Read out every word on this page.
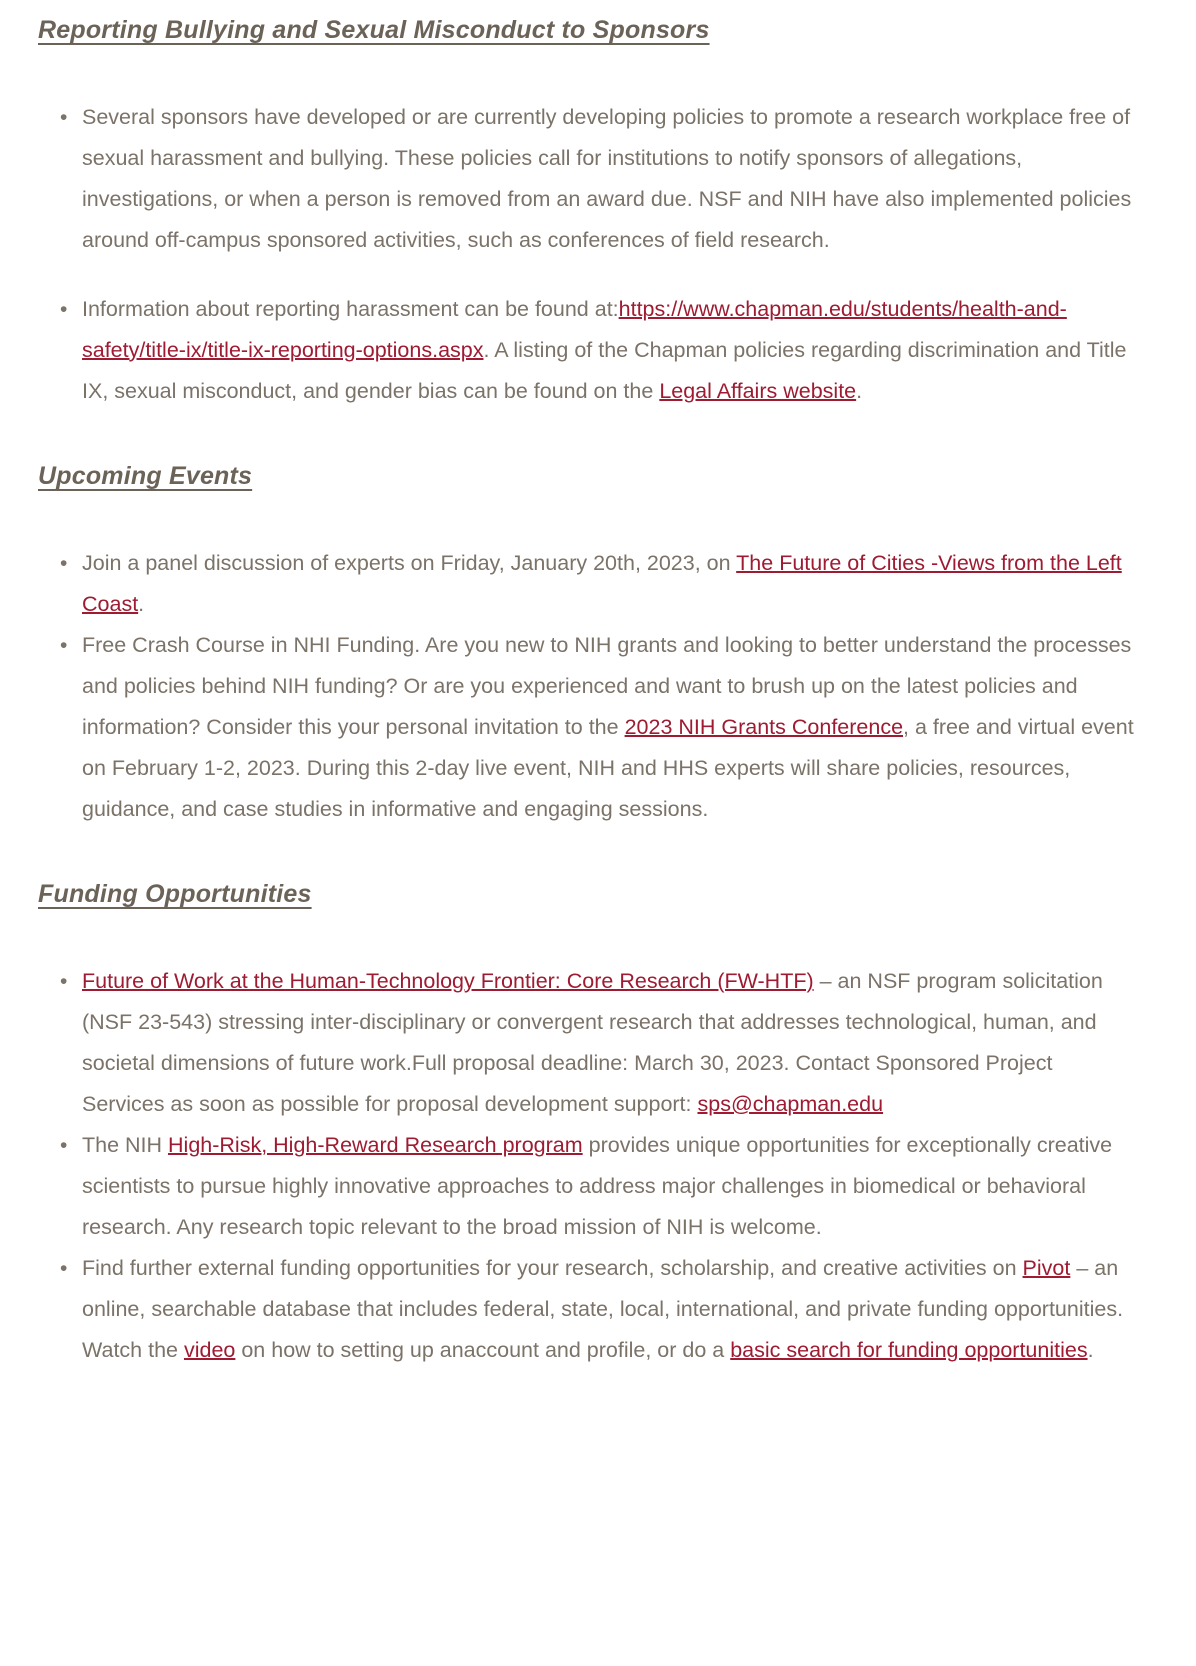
Reporting Bullying and Sexual Misconduct to Sponsors
• Several sponsors have developed or are currently developing policies to promote a research workplace free of sexual harassment and bullying. These policies call for institutions to notify sponsors of allegations, investigations, or when a person is removed from an award due. NSF and NIH have also implemented policies around off-campus sponsored activities, such as conferences of field research.
• Information about reporting harassment can be found at:https://www.chapman.edu/students/health-and-safety/title-ix/title-ix-reporting-options.aspx. A listing of the Chapman policies regarding discrimination and Title IX, sexual misconduct, and gender bias can be found on the Legal Affairs website.
Upcoming Events
• Join a panel discussion of experts on Friday, January 20th, 2023, on The Future of Cities -Views from the Left Coast.
• Free Crash Course in NHI Funding. Are you new to NIH grants and looking to better understand the processes and policies behind NIH funding? Or are you experienced and want to brush up on the latest policies and information? Consider this your personal invitation to the 2023 NIH Grants Conference, a free and virtual event on February 1-2, 2023. During this 2-day live event, NIH and HHS experts will share policies, resources, guidance, and case studies in informative and engaging sessions.
Funding Opportunities
• Future of Work at the Human-Technology Frontier: Core Research (FW-HTF) – an NSF program solicitation (NSF 23-543) stressing inter-disciplinary or convergent research that addresses technological, human, and societal dimensions of future work.Full proposal deadline: March 30, 2023. Contact Sponsored Project Services as soon as possible for proposal development support: sps@chapman.edu
• The NIH High-Risk, High-Reward Research program provides unique opportunities for exceptionally creative scientists to pursue highly innovative approaches to address major challenges in biomedical or behavioral research. Any research topic relevant to the broad mission of NIH is welcome.
• Find further external funding opportunities for your research, scholarship, and creative activities on Pivot – an online, searchable database that includes federal, state, local, international, and private funding opportunities. Watch the video on how to setting up anaccount and profile, or do a basic search for funding opportunities.
